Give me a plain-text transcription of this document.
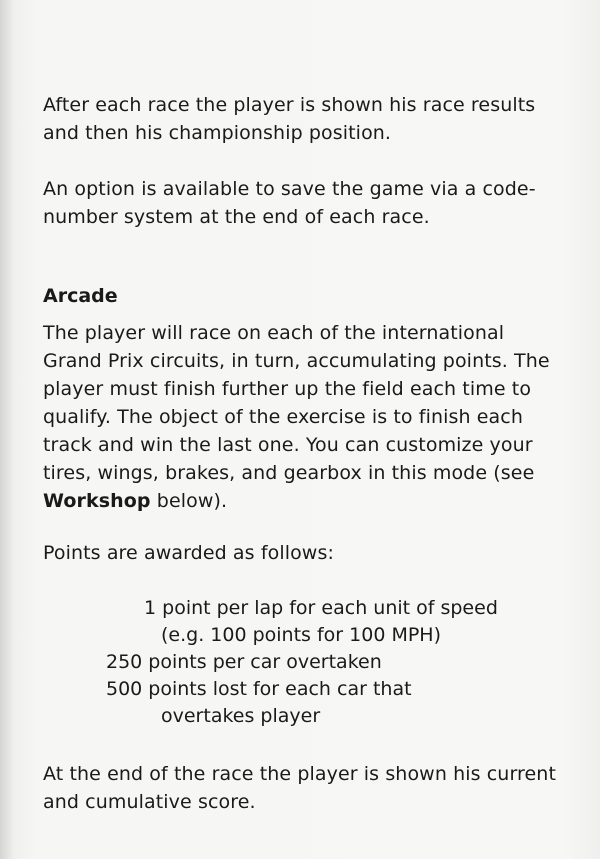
After each race the player is shown his race results and then his championship position.

An option is available to save the game via a code-number system at the end of each race.

Arcade

The player will race on each of the international Grand Prix circuits, in turn, accumulating points. The player must finish further up the field each time to qualify. The object of the exercise is to finish each track and win the last one. You can customize your tires, wings, brakes, and gearbox in this mode (see Workshop below).

Points are awarded as follows:

1 point per lap for each unit of speed
(e.g. 100 points for 100 MPH)
250 points per car overtaken
500 points lost for each car that
overtakes player

At the end of the race the player is shown his current and cumulative score.
